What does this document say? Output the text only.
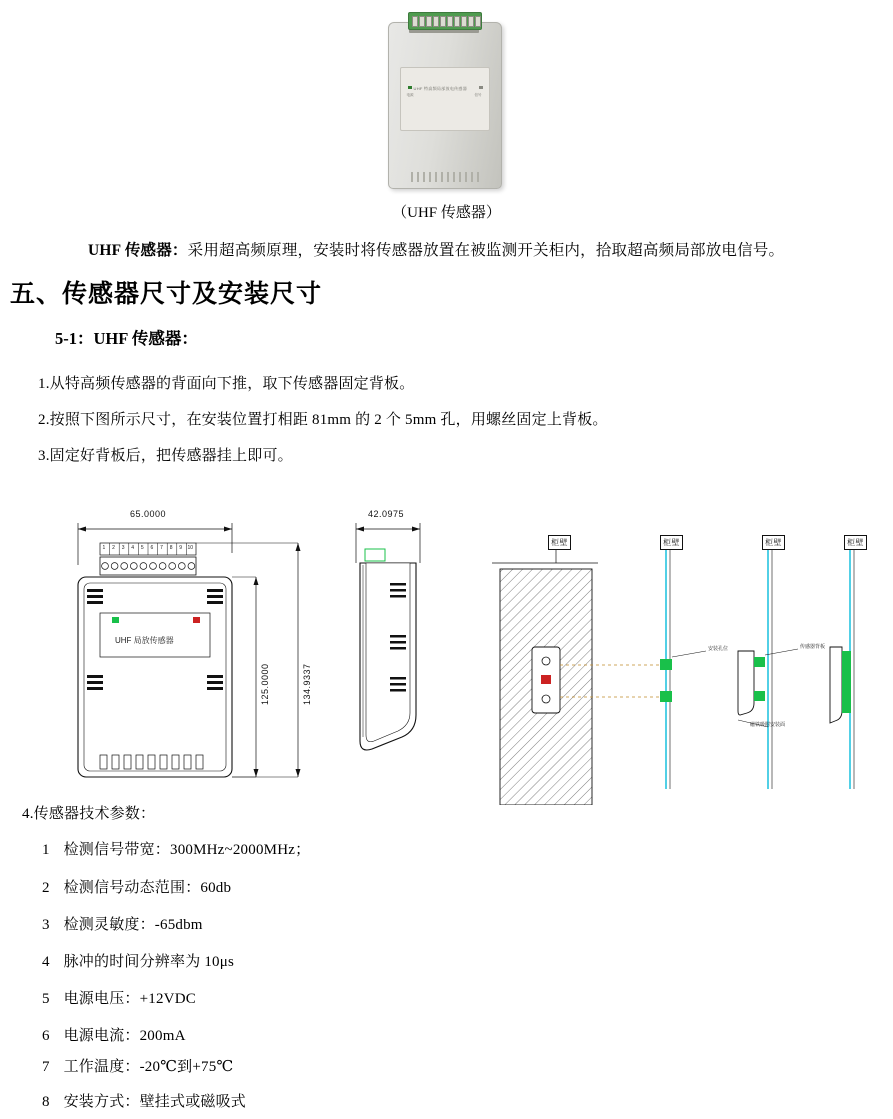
UHF 特高频局部放电传感器
电源	信号
（UHF 传感器）
UHF 传感器：采用超高频原理，安装时将传感器放置在被监测开关柜内，拾取超高频局部放电信号。
五、传感器尺寸及安装尺寸
5-1：UHF 传感器：
1.从特高频传感器的背面向下推，取下传感器固定背板。
2.按照下图所示尺寸，在安装位置打相距 81mm 的 2 个 5mm 孔，用螺丝固定上背板。
3.固定好背板后，把传感器挂上即可。
65.0000
125.0000	134.9337
1 2 3 4 5 6 7 8 9 10
UHF 局放传感器
42.0975
柜壁	柜壁	柜壁	柜壁
安装孔位	传感器背板
磁铁吸附安装面
4.传感器技术参数：
1 检测信号带宽：300MHz~2000MHz；
2 检测信号动态范围：60db
3 检测灵敏度：-65dbm
4 脉冲的时间分辨率为 10μs
5 电源电压：+12VDC
6 电源电流：200mA
7 工作温度：-20℃到+75℃
8 安装方式：壁挂式或磁吸式
